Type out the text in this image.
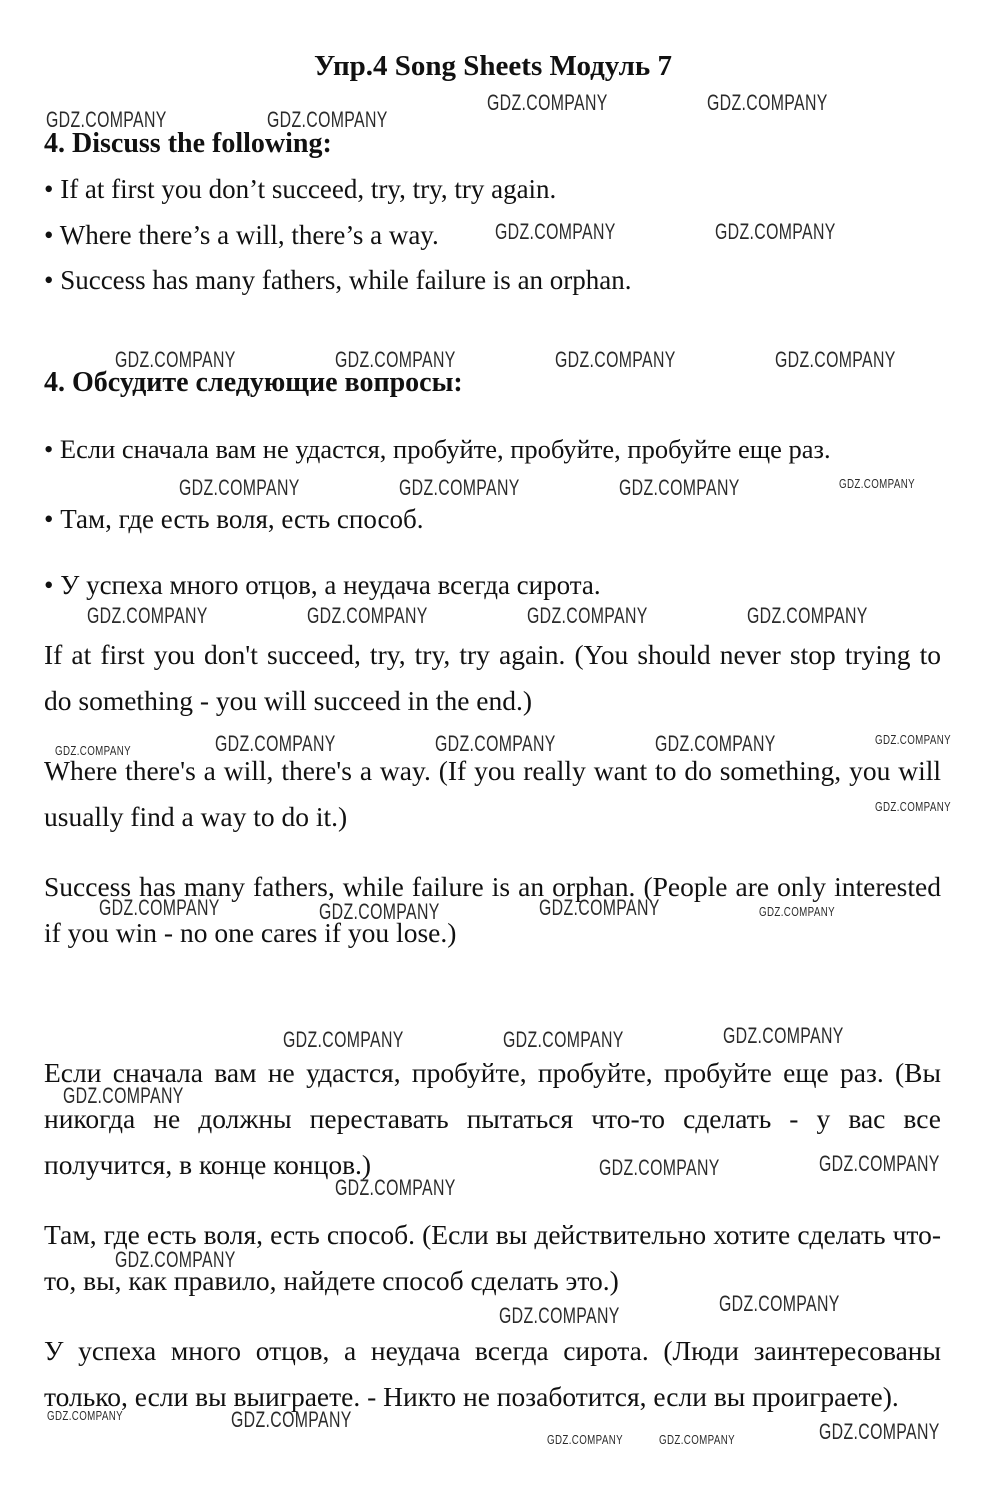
Упр.4 Song Sheets Модуль 7

4. Discuss the following:

• If at first you don’t succeed, try, try, try again.

• Where there’s a will, there’s a way.

• Success has many fathers, while failure is an orphan.

4. Обсудите следующие вопросы:

• Если сначала вам не удастся, пробуйте, пробуйте, пробуйте еще раз.

• Там, где есть воля, есть способ.

• У успеха много отцов, а неудача всегда сирота.

If at first you don't succeed, try, try, try again. (You should never stop trying to do something - you will succeed in the end.)

Where there's a will, there's a way. (If you really want to do something, you will usually find a way to do it.)

Success has many fathers, while failure is an orphan. (People are only interested if you win - no one cares if you lose.)

Если сначала вам не удастся, пробуйте, пробуйте, пробуйте еще раз. (Вы никогда не должны переставать пытаться что-то сделать - у вас все получится, в конце концов.)

Там, где есть воля, есть способ. (Если вы действительно хотите сделать что-то, вы, как правило, найдете способ сделать это.)

У успеха много отцов, а неудача всегда сирота. (Люди заинтересованы только, если вы выиграете. - Никто не позаботится, если вы проиграете).

GDZ.COMPANY	GDZ.COMPANY
GDZ.COMPANY	GDZ.COMPANY
GDZ.COMPANY	GDZ.COMPANY
GDZ.COMPANY	GDZ.COMPANY	GDZ.COMPANY	GDZ.COMPANY
GDZ.COMPANY	GDZ.COMPANY	GDZ.COMPANY	GDZ.COMPANY
GDZ.COMPANY	GDZ.COMPANY	GDZ.COMPANY	GDZ.COMPANY
GDZ.COMPANY	GDZ.COMPANY	GDZ.COMPANY	GDZ.COMPANY	GDZ.COMPANY
GDZ.COMPANY
GDZ.COMPANY	GDZ.COMPANY	GDZ.COMPANY	GDZ.COMPANY
GDZ.COMPANY	GDZ.COMPANY	GDZ.COMPANY
GDZ.COMPANY
GDZ.COMPANY	GDZ.COMPANY
GDZ.COMPANY
GDZ.COMPANY
GDZ.COMPANY
GDZ.COMPANY
GDZ.COMPANY	GDZ.COMPANY
GDZ.COMPANY	GDZ.COMPANY	GDZ.COMPANY
